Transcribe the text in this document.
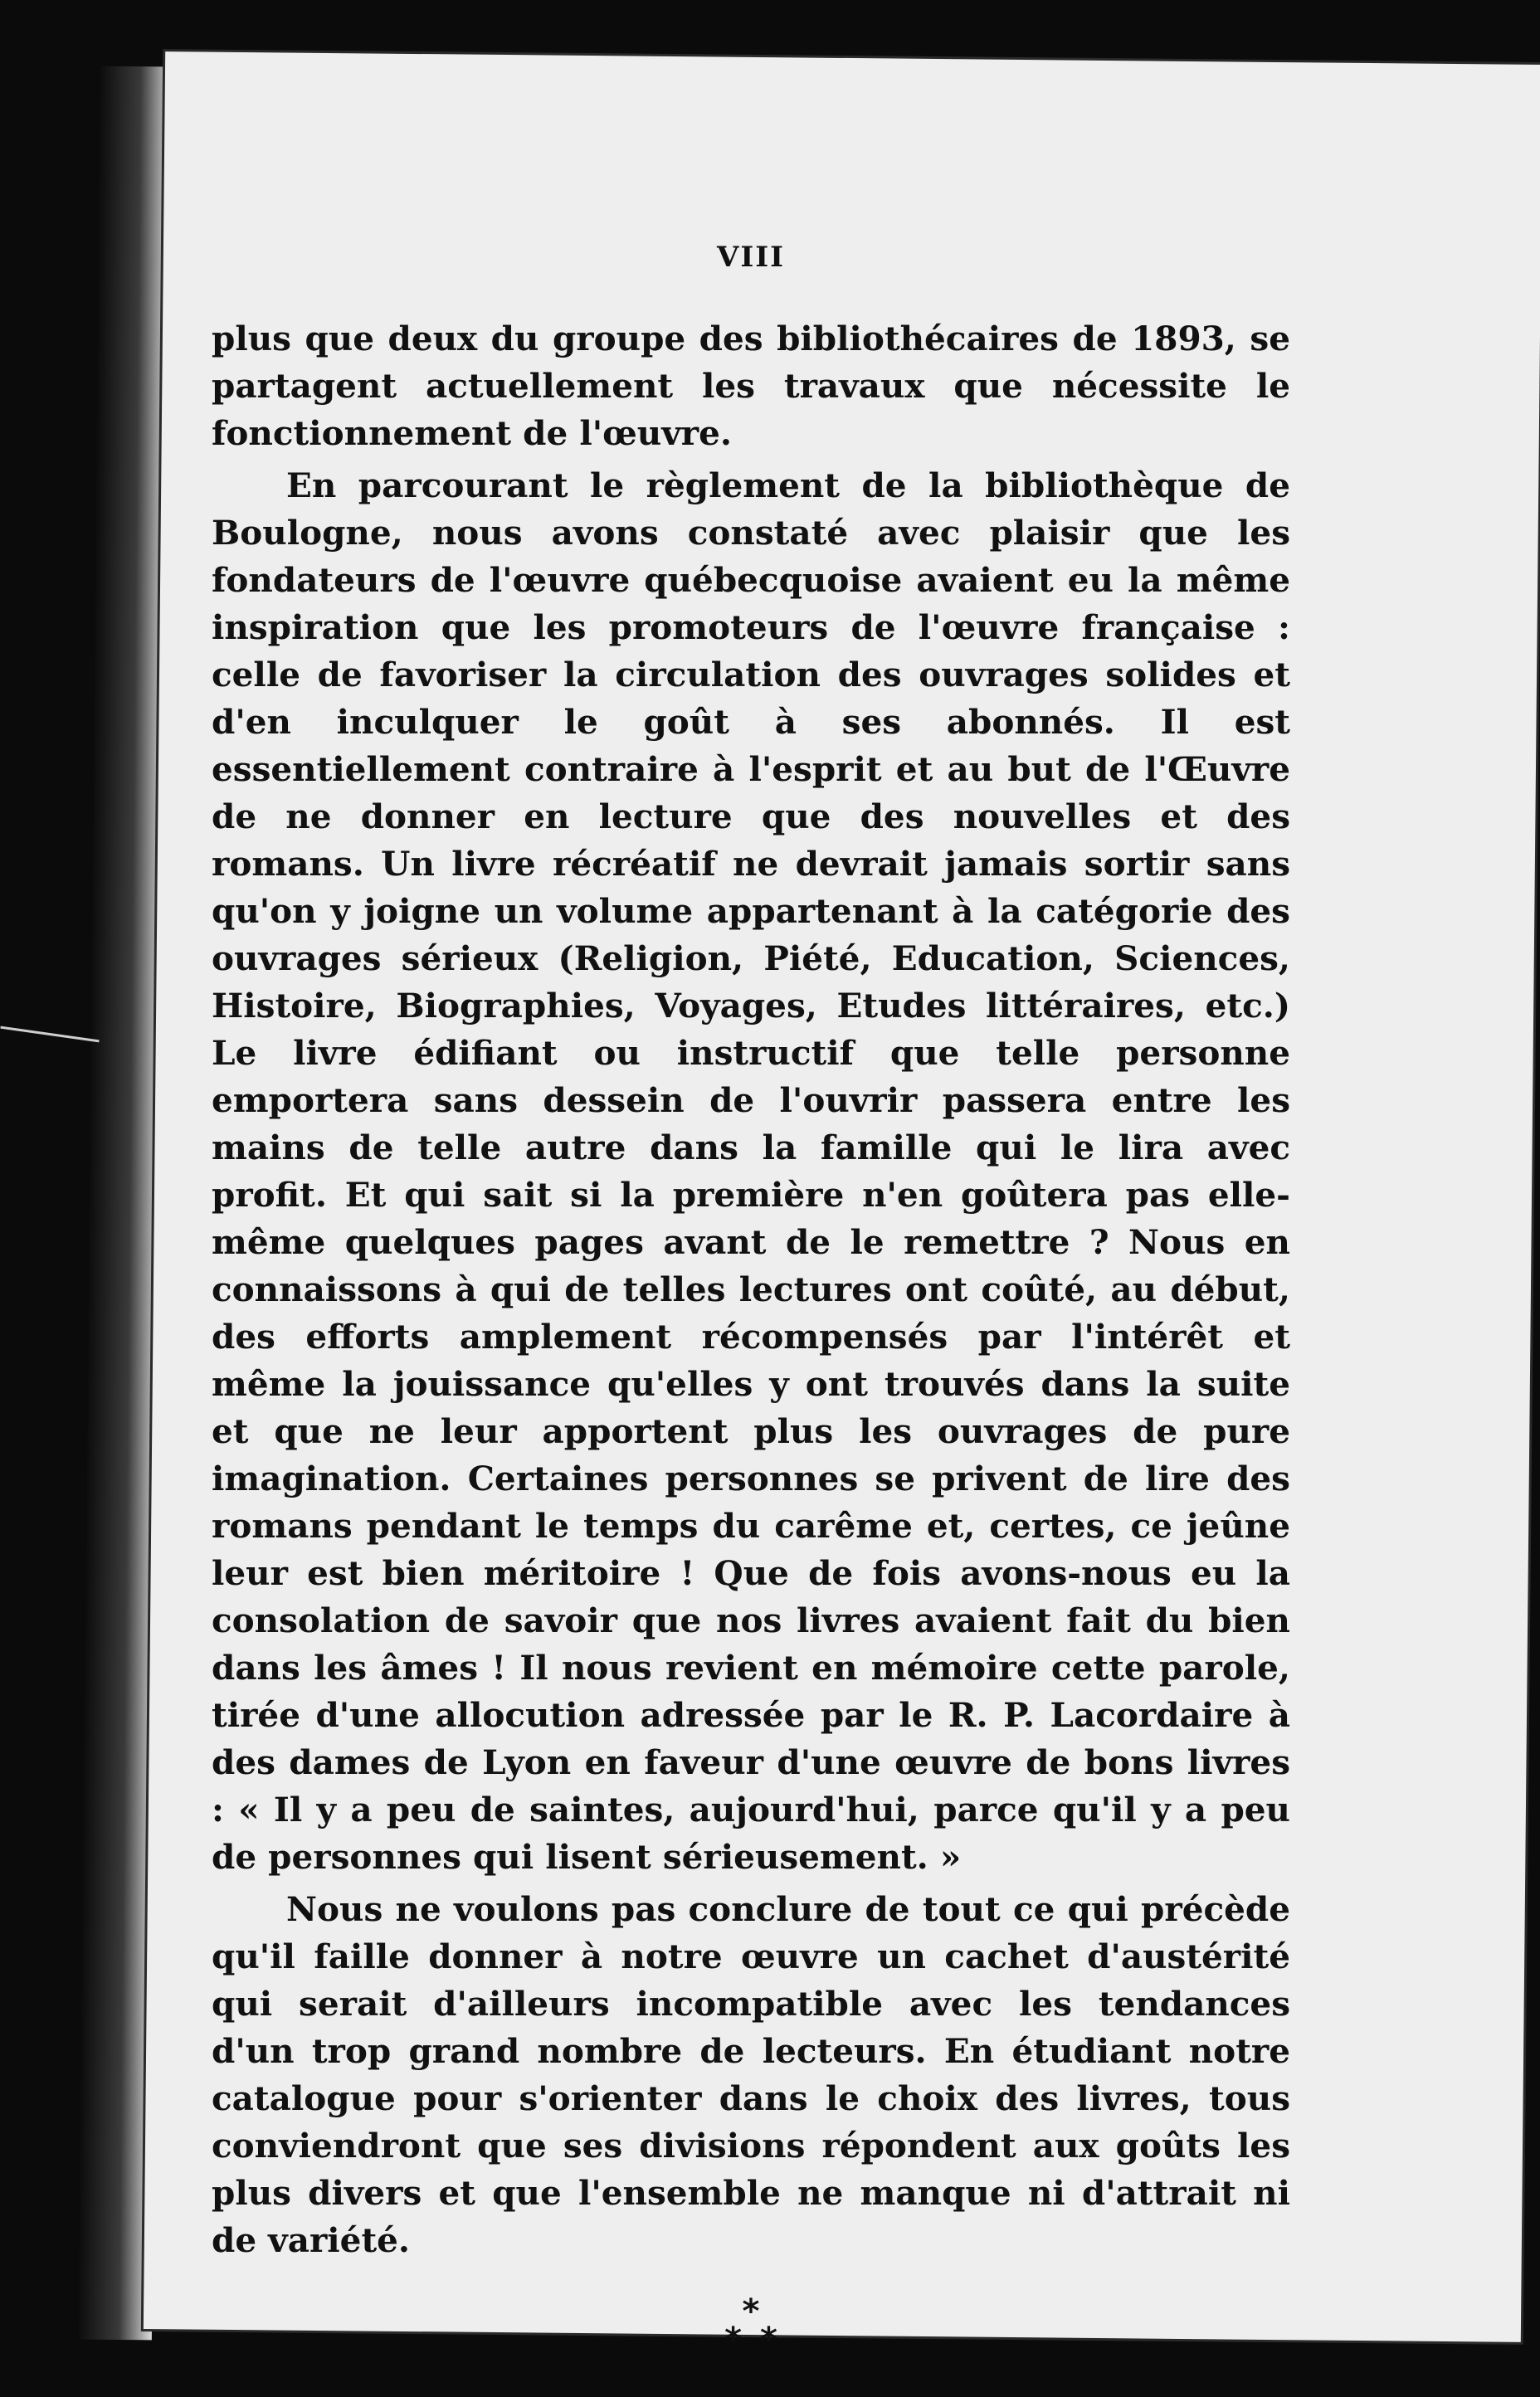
VIII

plus que deux du groupe des bibliothécaires de 1893, se partagent actuellement les travaux que nécessite le fonctionnement de l'œuvre.

En parcourant le règlement de la bibliothèque de Boulogne, nous avons constaté avec plaisir que les fondateurs de l'œuvre québecquoise avaient eu la même inspiration que les promoteurs de l'œuvre française : celle de favoriser la circulation des ouvrages solides et d'en inculquer le goût à ses abonnés. Il est essentiellement contraire à l'esprit et au but de l'Œuvre de ne donner en lecture que des nouvelles et des romans. Un livre récréatif ne devrait jamais sortir sans qu'on y joigne un volume appartenant à la catégorie des ouvrages sérieux (Religion, Piété, Education, Sciences, Histoire, Biographies, Voyages, Etudes littéraires, etc.) Le livre édifiant ou instructif que telle personne emportera sans dessein de l'ouvrir passera entre les mains de telle autre dans la famille qui le lira avec profit. Et qui sait si la première n'en goûtera pas elle-même quelques pages avant de le remettre ? Nous en connaissons à qui de telles lectures ont coûté, au début, des efforts amplement récompensés par l'intérêt et même la jouissance qu'elles y ont trouvés dans la suite et que ne leur apportent plus les ouvrages de pure imagination. Certaines personnes se privent de lire des romans pendant le temps du carême et, certes, ce jeûne leur est bien méritoire ! Que de fois avons-nous eu la consolation de savoir que nos livres avaient fait du bien dans les âmes ! Il nous revient en mémoire cette parole, tirée d'une allocution adressée par le R. P. Lacordaire à des dames de Lyon en faveur d'une œuvre de bons livres : « Il y a peu de saintes, aujourd'hui, parce qu'il y a peu de personnes qui lisent sérieusement. »

Nous ne voulons pas conclure de tout ce qui précède qu'il faille donner à notre œuvre un cachet d'austérité qui serait d'ailleurs incompatible avec les tendances d'un trop grand nombre de lecteurs. En étudiant notre catalogue pour s'orienter dans le choix des livres, tous conviendront que ses divisions répondent aux goûts les plus divers et que l'ensemble ne manque ni d'attrait ni de variété.

*
**
